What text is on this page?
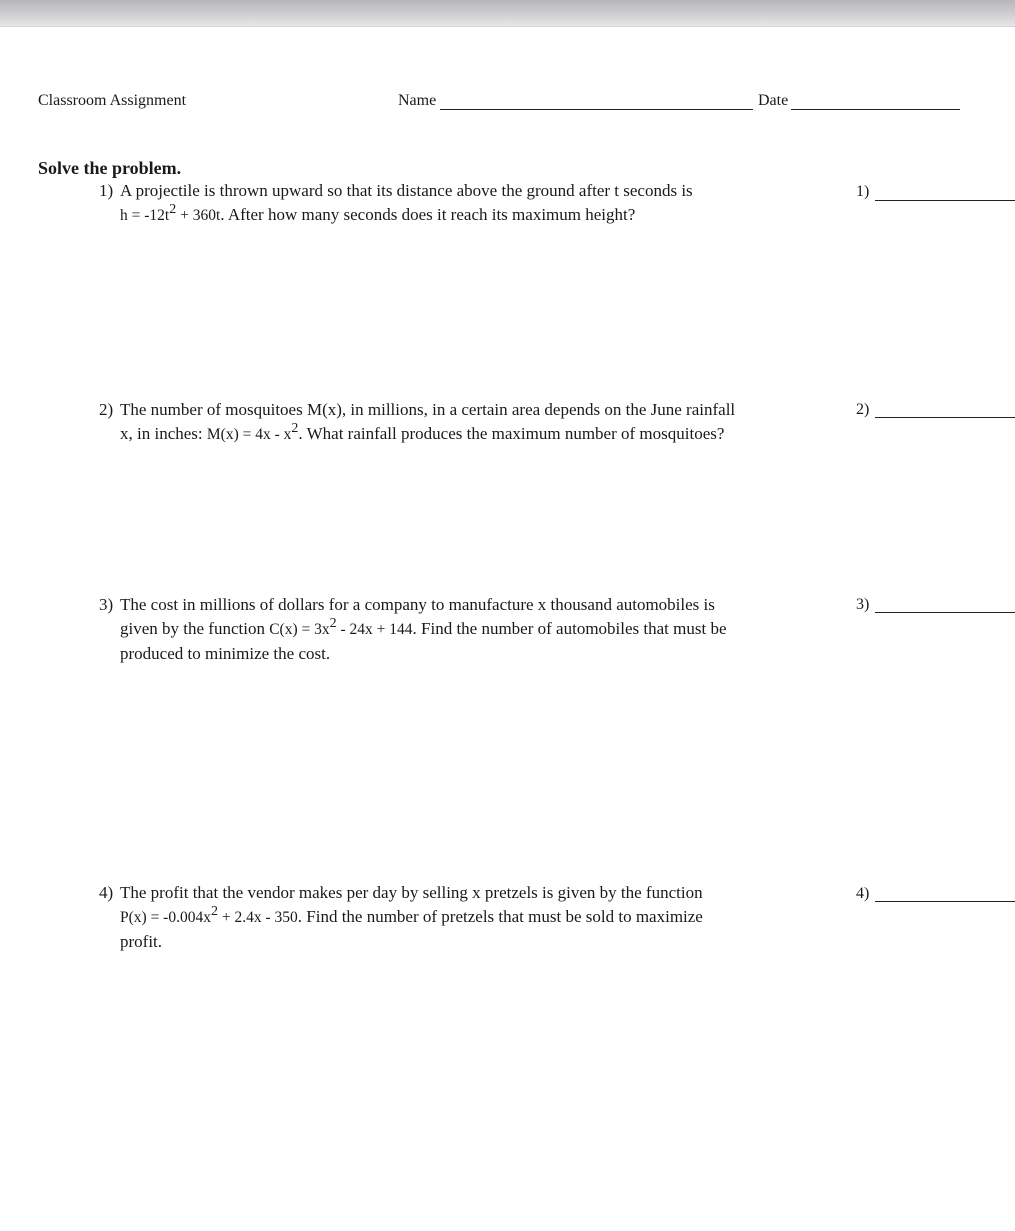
Classroom Assignment	Name	Date
Solve the problem.
1) A projectile is thrown upward so that its distance above the ground after t seconds is
$h = -12t^2 + 360t$. After how many seconds does it reach its maximum height?
1)
2) The number of mosquitoes M(x), in millions, in a certain area depends on the June rainfall
x, in inches: $M(x) = 4x - x^2$. What rainfall produces the maximum number of mosquitoes?
2)
3) The cost in millions of dollars for a company to manufacture x thousand automobiles is
given by the function $C(x) = 3x^2 - 24x + 144$. Find the number of automobiles that must be
produced to minimize the cost.
3)
4) The profit that the vendor makes per day by selling x pretzels is given by the function
$P(x) = -0.004x^2 + 2.4x - 350$. Find the number of pretzels that must be sold to maximize
profit.
4)
